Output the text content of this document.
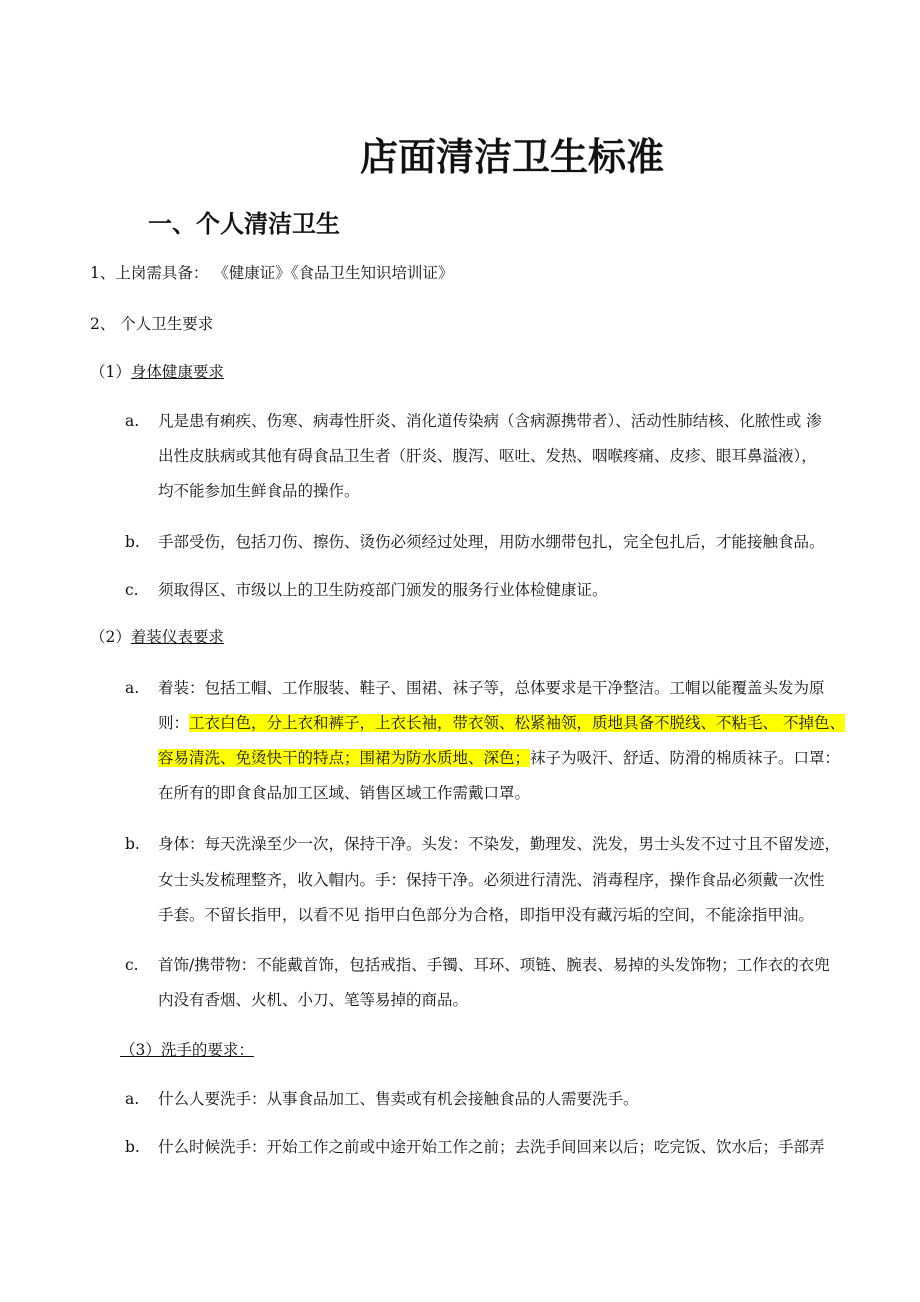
店面清洁卫生标准
一、个人清洁卫生
1、上岗需具备： 《健康证》《食品卫生知识培训证》
2、 个人卫生要求
（1）身体健康要求
a. 凡是患有痢疾、伤寒、病毒性肝炎、消化道传染病（含病源携带者）、活动性肺结核、化脓性或 渗
出性皮肤病或其他有碍食品卫生者（肝炎、腹泻、呕吐、发热、咽喉疼痛、皮疹、眼耳鼻溢液），
均不能参加生鲜食品的操作。
b. 手部受伤，包括刀伤、擦伤、烫伤必须经过处理，用防水绷带包扎，完全包扎后，才能接触食品。
c. 须取得区、市级以上的卫生防疫部门颁发的服务行业体检健康证。
（2）着装仪表要求
a. 着装：包括工帽、工作服装、鞋子、围裙、袜子等，总体要求是干净整洁。工帽以能覆盖头发为原
则：工衣白色，分上衣和裤子，上衣长袖，带衣领、松紧袖领，质地具备不脱线、不粘毛、 不掉色、
容易清洗、免烫快干的特点；围裙为防水质地、深色；袜子为吸汗、舒适、防滑的棉质袜子。口罩：
在所有的即食食品加工区域、销售区域工作需戴口罩。
b. 身体：每天洗澡至少一次，保持干净。头发：不染发，勤理发、洗发，男士头发不过寸且不留发迹，
女士头发梳理整齐，收入帽内。手：保持干净。必须进行清洗、消毒程序，操作食品必须戴一次性
手套。不留长指甲，以看不见 指甲白色部分为合格，即指甲没有藏污垢的空间，不能涂指甲油。
c. 首饰/携带物：不能戴首饰，包括戒指、手镯、耳环、项链、腕表、易掉的头发饰物；工作衣的衣兜
内没有香烟、火机、小刀、笔等易掉的商品。
（3）洗手的要求：
a. 什么人要洗手：从事食品加工、售卖或有机会接触食品的人需要洗手。
b. 什么时候洗手：开始工作之前或中途开始工作之前；去洗手间回来以后；吃完饭、饮水后；手部弄
